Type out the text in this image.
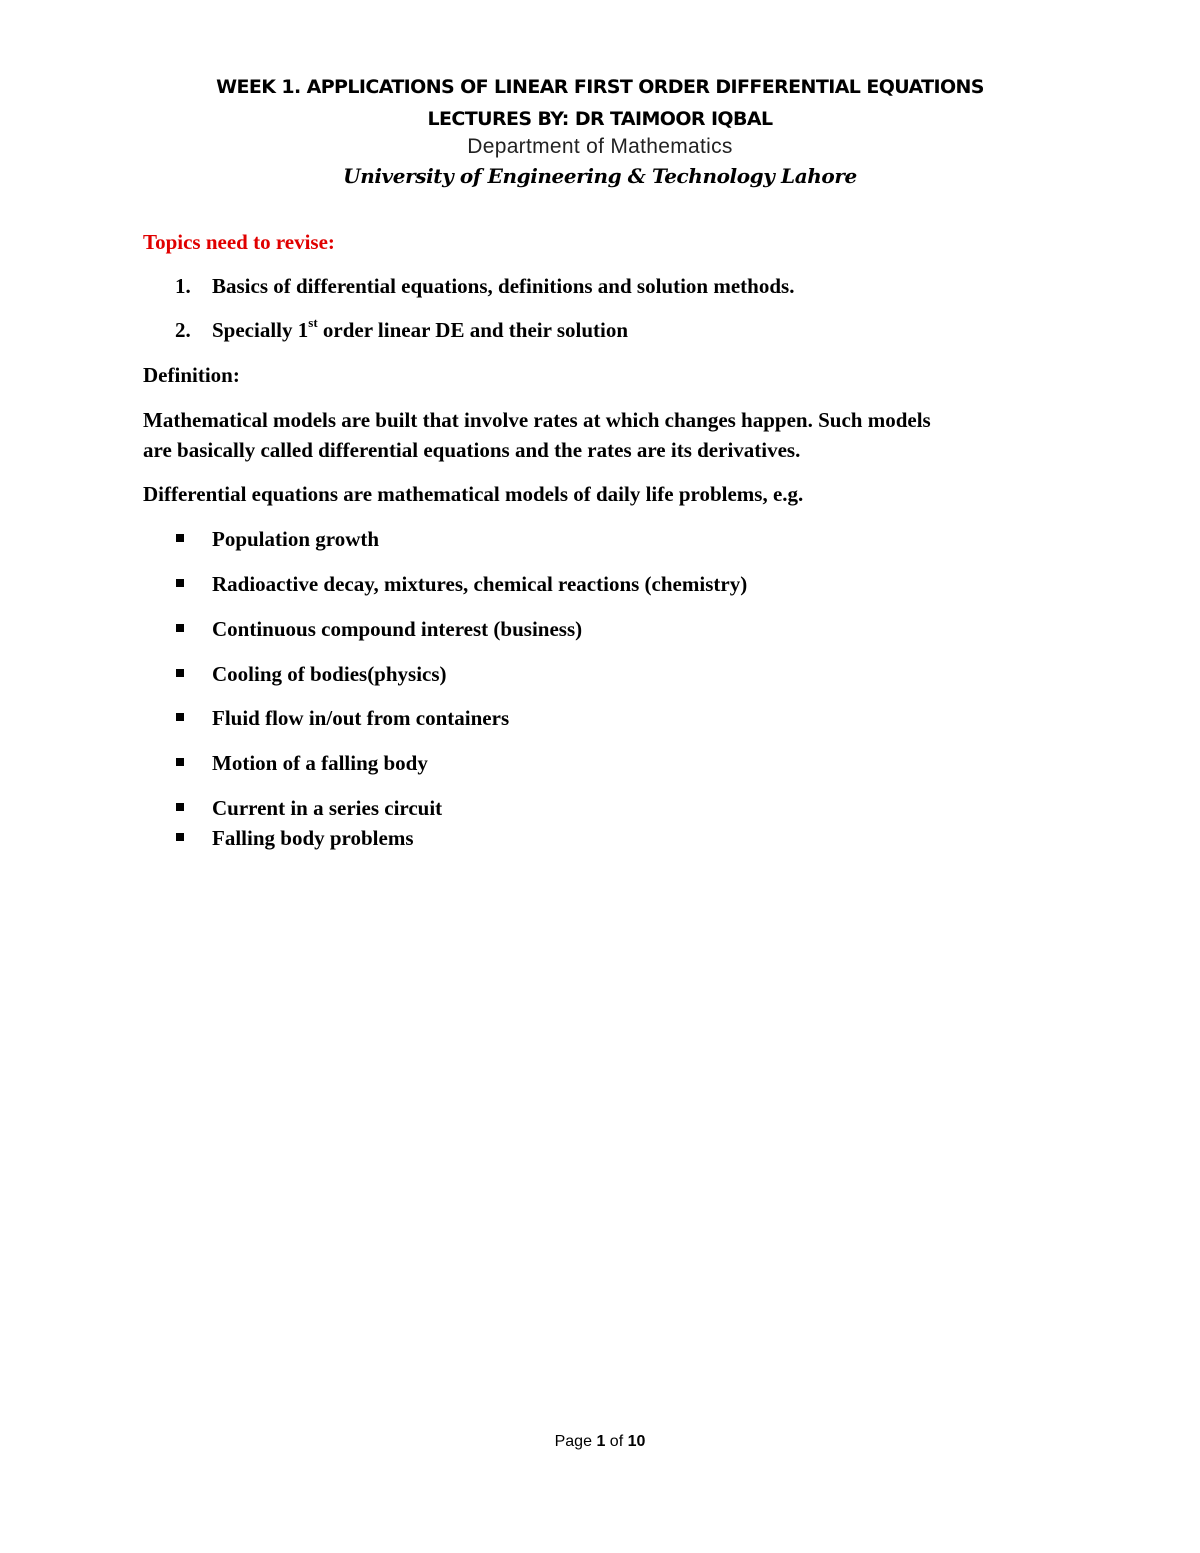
WEEK 1. APPLICATIONS OF LINEAR FIRST ORDER DIFFERENTIAL EQUATIONS
LECTURES BY: DR TAIMOOR IQBAL
Department of Mathematics
University of Engineering & Technology Lahore
Topics need to revise:
1. Basics of differential equations, definitions and solution methods.
2. Specially 1st order linear DE and their solution
Definition:
Mathematical models are built that involve rates at which changes happen. Such models
are basically called differential equations and the rates are its derivatives.
Differential equations are mathematical models of daily life problems, e.g.
Population growth
Radioactive decay, mixtures, chemical reactions (chemistry)
Continuous compound interest (business)
Cooling of bodies(physics)
Fluid flow in/out from containers
Motion of a falling body
Current in a series circuit
Falling body problems
Page 1 of 10
